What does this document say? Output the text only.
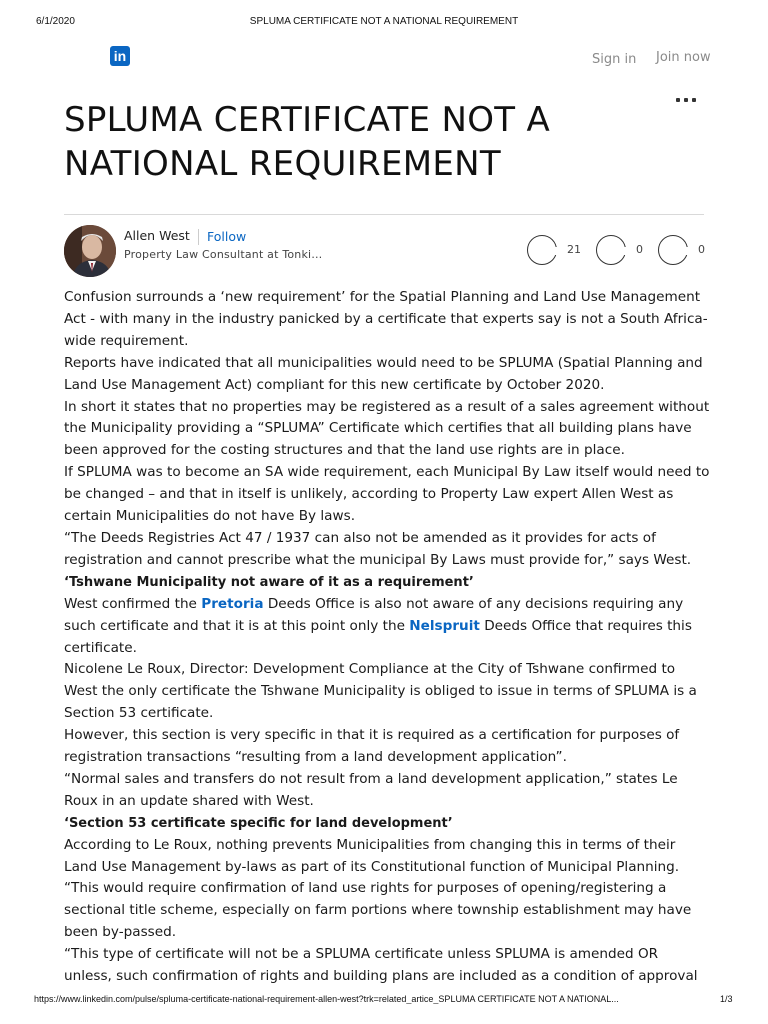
6/1/2020	SPLUMA CERTIFICATE NOT A NATIONAL REQUIREMENT
in	Sign in Join now
SPLUMA CERTIFICATE NOT A NATIONAL REQUIREMENT
Allen West Follow
Property Law Consultant at Tonki…	21	0	0

Confusion surrounds a ‘new requirement’ for the Spatial Planning and Land Use Management Act - with many in the industry panicked by a certificate that experts say is not a South Africa-wide requirement.

Reports have indicated that all municipalities would need to be SPLUMA (Spatial Planning and Land Use Management Act) compliant for this new certificate by October 2020.

In short it states that no properties may be registered as a result of a sales agreement without the Municipality providing a “SPLUMA” Certificate which certifies that all building plans have been approved for the costing structures and that the land use rights are in place.

If SPLUMA was to become an SA wide requirement, each Municipal By Law itself would need to be changed – and that in itself is unlikely, according to Property Law expert Allen West as certain Municipalities do not have By laws.

“The Deeds Registries Act 47 / 1937 can also not be amended as it provides for acts of registration and cannot prescribe what the municipal By Laws must provide for,” says West.

‘Tshwane Municipality not aware of it as a requirement’

West confirmed the Pretoria Deeds Office is also not aware of any decisions requiring any such certificate and that it is at this point only the Nelspruit Deeds Office that requires this certificate.

Nicolene Le Roux, Director: Development Compliance at the City of Tshwane confirmed to West the only certificate the Tshwane Municipality is obliged to issue in terms of SPLUMA is a Section 53 certificate.

However, this section is very specific in that it is required as a certification for purposes of registration transactions “resulting from a land development application”.

“Normal sales and transfers do not result from a land development application,” states Le Roux in an update shared with West.

‘Section 53 certificate specific for land development’

According to Le Roux, nothing prevents Municipalities from changing this in terms of their Land Use Management by-laws as part of its Constitutional function of Municipal Planning.

“This would require confirmation of land use rights for purposes of opening/registering a sectional title scheme, especially on farm portions where township establishment may have been by-passed.

“This type of certificate will not be a SPLUMA certificate unless SPLUMA is amended OR unless, such confirmation of rights and building plans are included as a condition of approval

https://www.linkedin.com/pulse/spluma-certificate-national-requirement-allen-west?trk=related_artice_SPLUMA CERTIFICATE NOT A NATIONAL...	1/3
